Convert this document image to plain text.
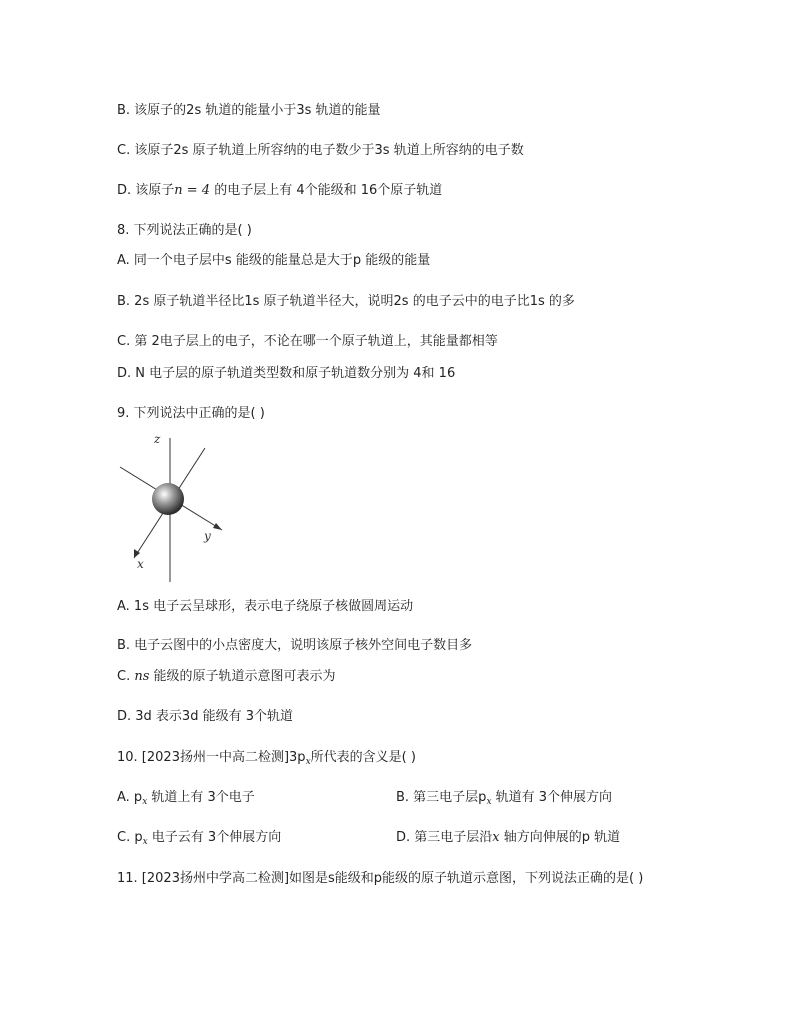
B. 该原子的2s 轨道的能量小于3s 轨道的能量
C. 该原子2s 原子轨道上所容纳的电子数少于3s 轨道上所容纳的电子数
D. 该原子n = 4 的电子层上有 4个能级和 16个原子轨道
8. 下列说法正确的是( )
A. 同一个电子层中s 能级的能量总是大于p 能级的能量
B. 2s 原子轨道半径比1s 原子轨道半径大，说明2s 的电子云中的电子比1s 的多
C. 第 2电子层上的电子，不论在哪一个原子轨道上，其能量都相等
D. N 电子层的原子轨道类型数和原子轨道数分别为 4和 16
9. 下列说法中正确的是( )
z
y
x
A. 1s 电子云呈球形，表示电子绕原子核做圆周运动
B. 电子云图中的小点密度大，说明该原子核外空间电子数目多
C. ns 能级的原子轨道示意图可表示为
D. 3d 表示3d 能级有 3个轨道
10. [2023扬州一中高二检测]$3p_x$所代表的含义是( )
A. $p_x$ 轨道上有 3个电子	B. 第三电子层$p_x$ 轨道有 3个伸展方向
C. $p_x$ 电子云有 3个伸展方向	D. 第三电子层沿x 轴方向伸展的p 轨道
11. [2023扬州中学高二检测]如图是s能级和p能级的原子轨道示意图，下列说法正确的是( )
